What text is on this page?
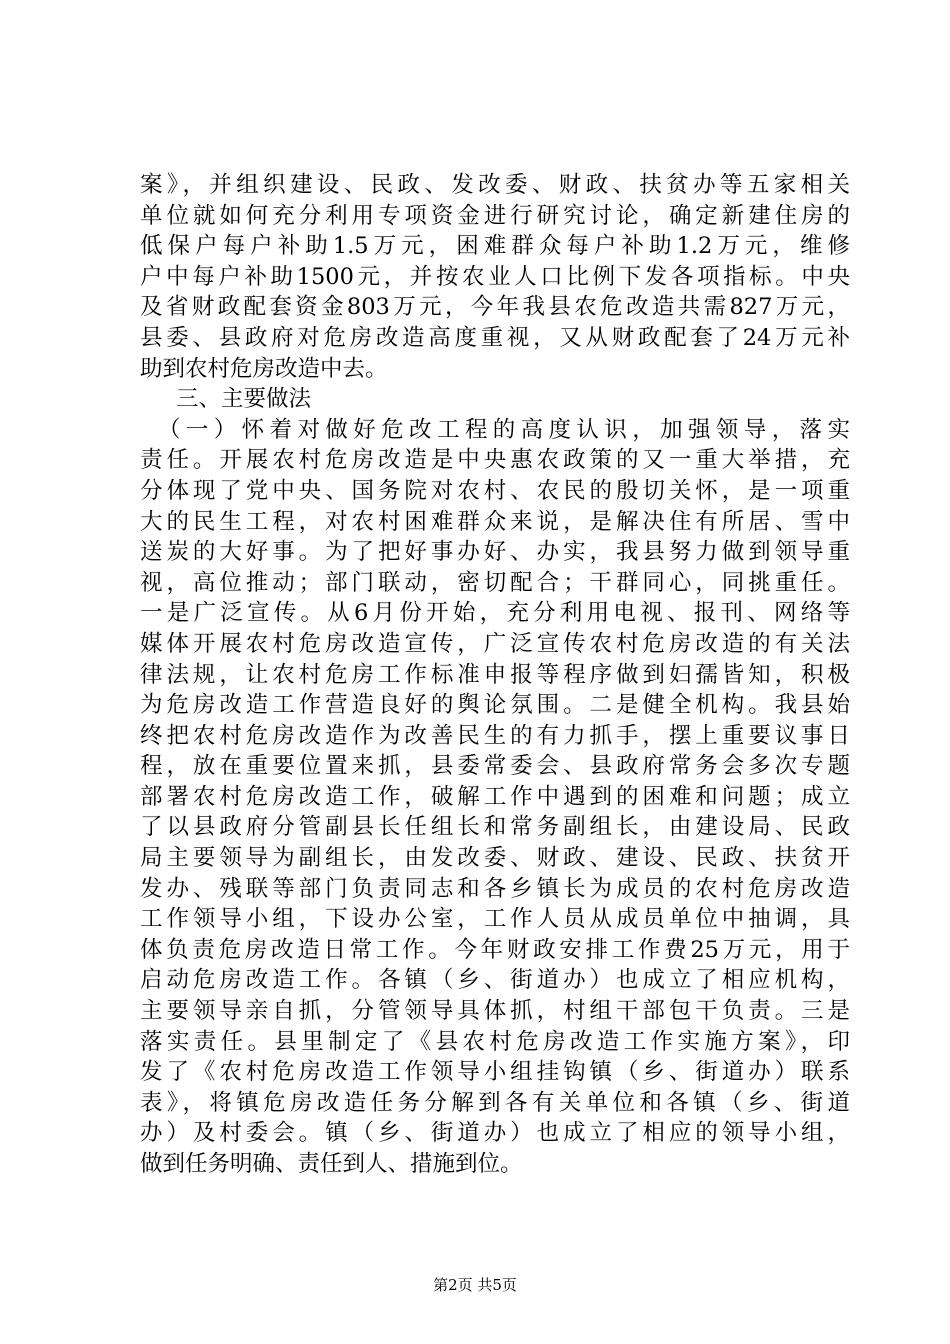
案》，并组织建设、民政、发改委、财政、扶贫办等五家相关
单位就如何充分利用专项资金进行研究讨论，确定新建住房的
低保户每户补助1.5万元，困难群众每户补助1.2万元，维修
户中每户补助1500元，并按农业人口比例下发各项指标。中央
及省财政配套资金803万元，今年我县农危改造共需827万元，
县委、县政府对危房改造高度重视，又从财政配套了24万元补
助到农村危房改造中去。
三、主要做法
（一）怀着对做好危改工程的高度认识，加强领导，落实
责任。开展农村危房改造是中央惠农政策的又一重大举措，充
分体现了党中央、国务院对农村、农民的殷切关怀，是一项重
大的民生工程，对农村困难群众来说，是解决住有所居、雪中
送炭的大好事。为了把好事办好、办实，我县努力做到领导重
视，高位推动；部门联动，密切配合；干群同心，同挑重任。
一是广泛宣传。从6月份开始，充分利用电视、报刊、网络等
媒体开展农村危房改造宣传，广泛宣传农村危房改造的有关法
律法规，让农村危房工作标准申报等程序做到妇孺皆知，积极
为危房改造工作营造良好的舆论氛围。二是健全机构。我县始
终把农村危房改造作为改善民生的有力抓手，摆上重要议事日
程，放在重要位置来抓，县委常委会、县政府常务会多次专题
部署农村危房改造工作，破解工作中遇到的困难和问题；成立
了以县政府分管副县长任组长和常务副组长，由建设局、民政
局主要领导为副组长，由发改委、财政、建设、民政、扶贫开
发办、残联等部门负责同志和各乡镇长为成员的农村危房改造
工作领导小组，下设办公室，工作人员从成员单位中抽调，具
体负责危房改造日常工作。今年财政安排工作费25万元，用于
启动危房改造工作。各镇（乡、街道办）也成立了相应机构，
主要领导亲自抓，分管领导具体抓，村组干部包干负责。三是
落实责任。县里制定了《县农村危房改造工作实施方案》，印
发了《农村危房改造工作领导小组挂钩镇（乡、街道办）联系
表》，将镇危房改造任务分解到各有关单位和各镇（乡、街道
办）及村委会。镇（乡、街道办）也成立了相应的领导小组，
做到任务明确、责任到人、措施到位。
第2页 共5页
